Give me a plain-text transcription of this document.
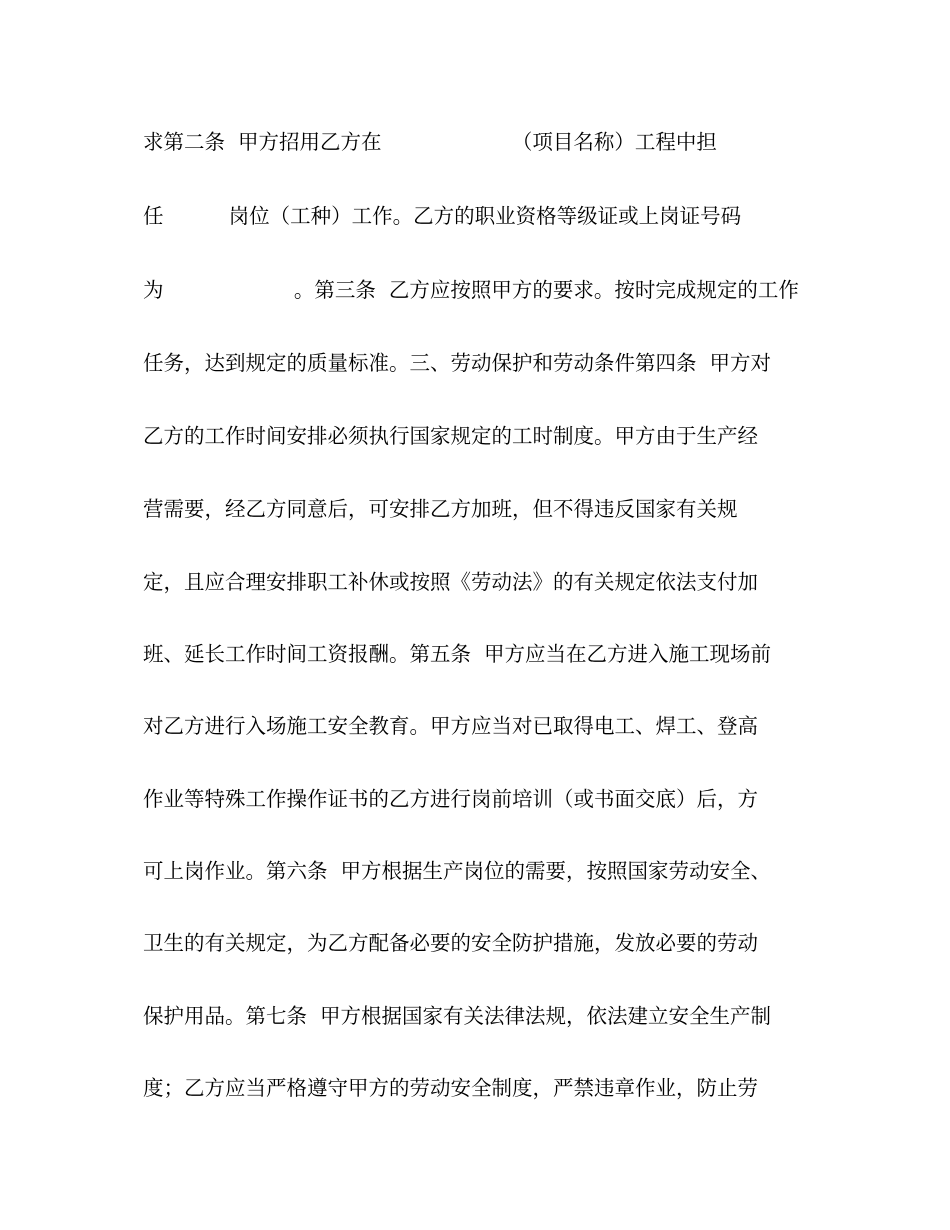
求第二条  甲方招用乙方在                    （项目名称）工程中担
任          岗位（工种）工作。乙方的职业资格等级证或上岗证号码
为                    。第三条  乙方应按照甲方的要求。按时完成规定的工作
任务，达到规定的质量标准。三、劳动保护和劳动条件第四条  甲方对
乙方的工作时间安排必须执行国家规定的工时制度。甲方由于生产经
营需要，经乙方同意后，可安排乙方加班，但不得违反国家有关规
定，且应合理安排职工补休或按照《劳动法》的有关规定依法支付加
班、延长工作时间工资报酬。第五条  甲方应当在乙方进入施工现场前
对乙方进行入场施工安全教育。甲方应当对已取得电工、焊工、登高
作业等特殊工作操作证书的乙方进行岗前培训（或书面交底）后，方
可上岗作业。第六条  甲方根据生产岗位的需要，按照国家劳动安全、
卫生的有关规定，为乙方配备必要的安全防护措施，发放必要的劳动
保护用品。第七条  甲方根据国家有关法律法规，依法建立安全生产制
度；乙方应当严格遵守甲方的劳动安全制度，严禁违章作业，防止劳
